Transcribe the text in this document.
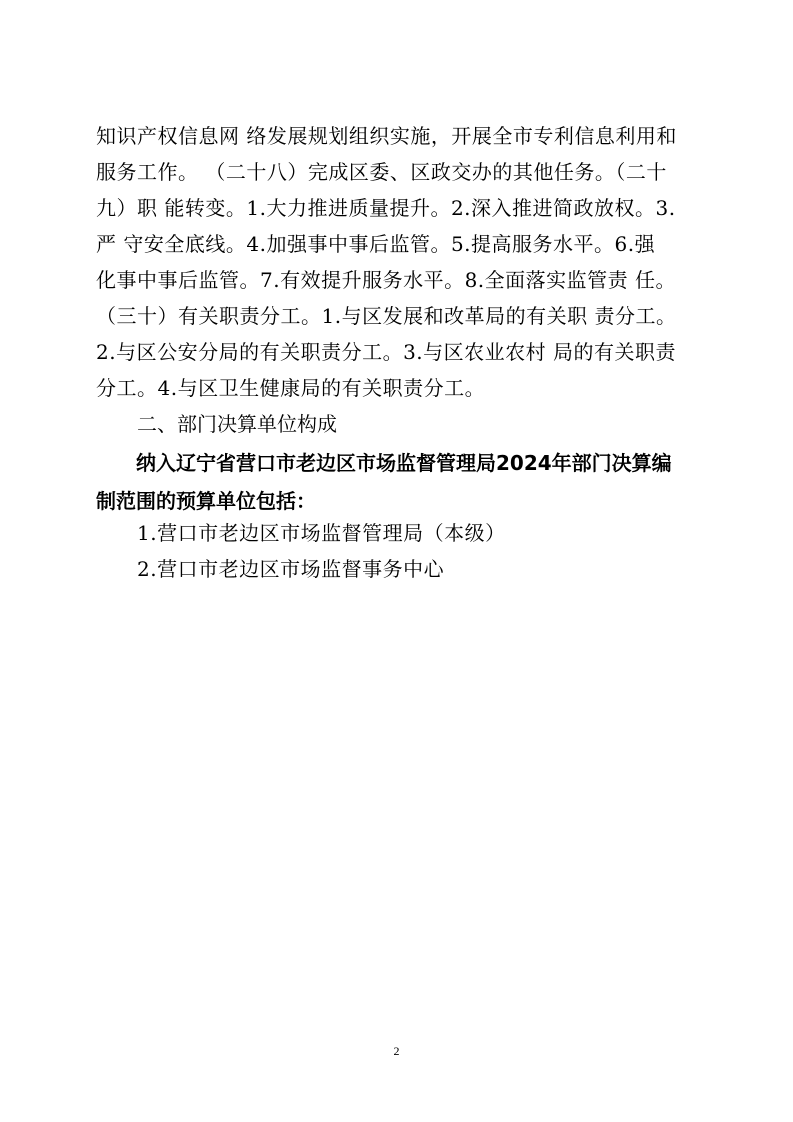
知识产权信息网 络发展规划组织实施，开展全市专利信息利用和
服务工作。 （二十八）完成区委、区政交办的其他任务。（二十
九）职 能转变。1.大力推进质量提升。2.深入推进简政放权。3.
严 守安全底线。4.加强事中事后监管。5.提高服务水平。6.强
化事中事后监管。7.有效提升服务水平。8.全面落实监管责 任。
（三十）有关职责分工。1.与区发展和改革局的有关职 责分工。
2.与区公安分局的有关职责分工。3.与区农业农村 局的有关职责
分工。4.与区卫生健康局的有关职责分工。
二、部门决算单位构成
纳入辽宁省营口市老边区市场监督管理局2024年部门决算编
制范围的预算单位包括：
1.营口市老边区市场监督管理局（本级）
2.营口市老边区市场监督事务中心
2
